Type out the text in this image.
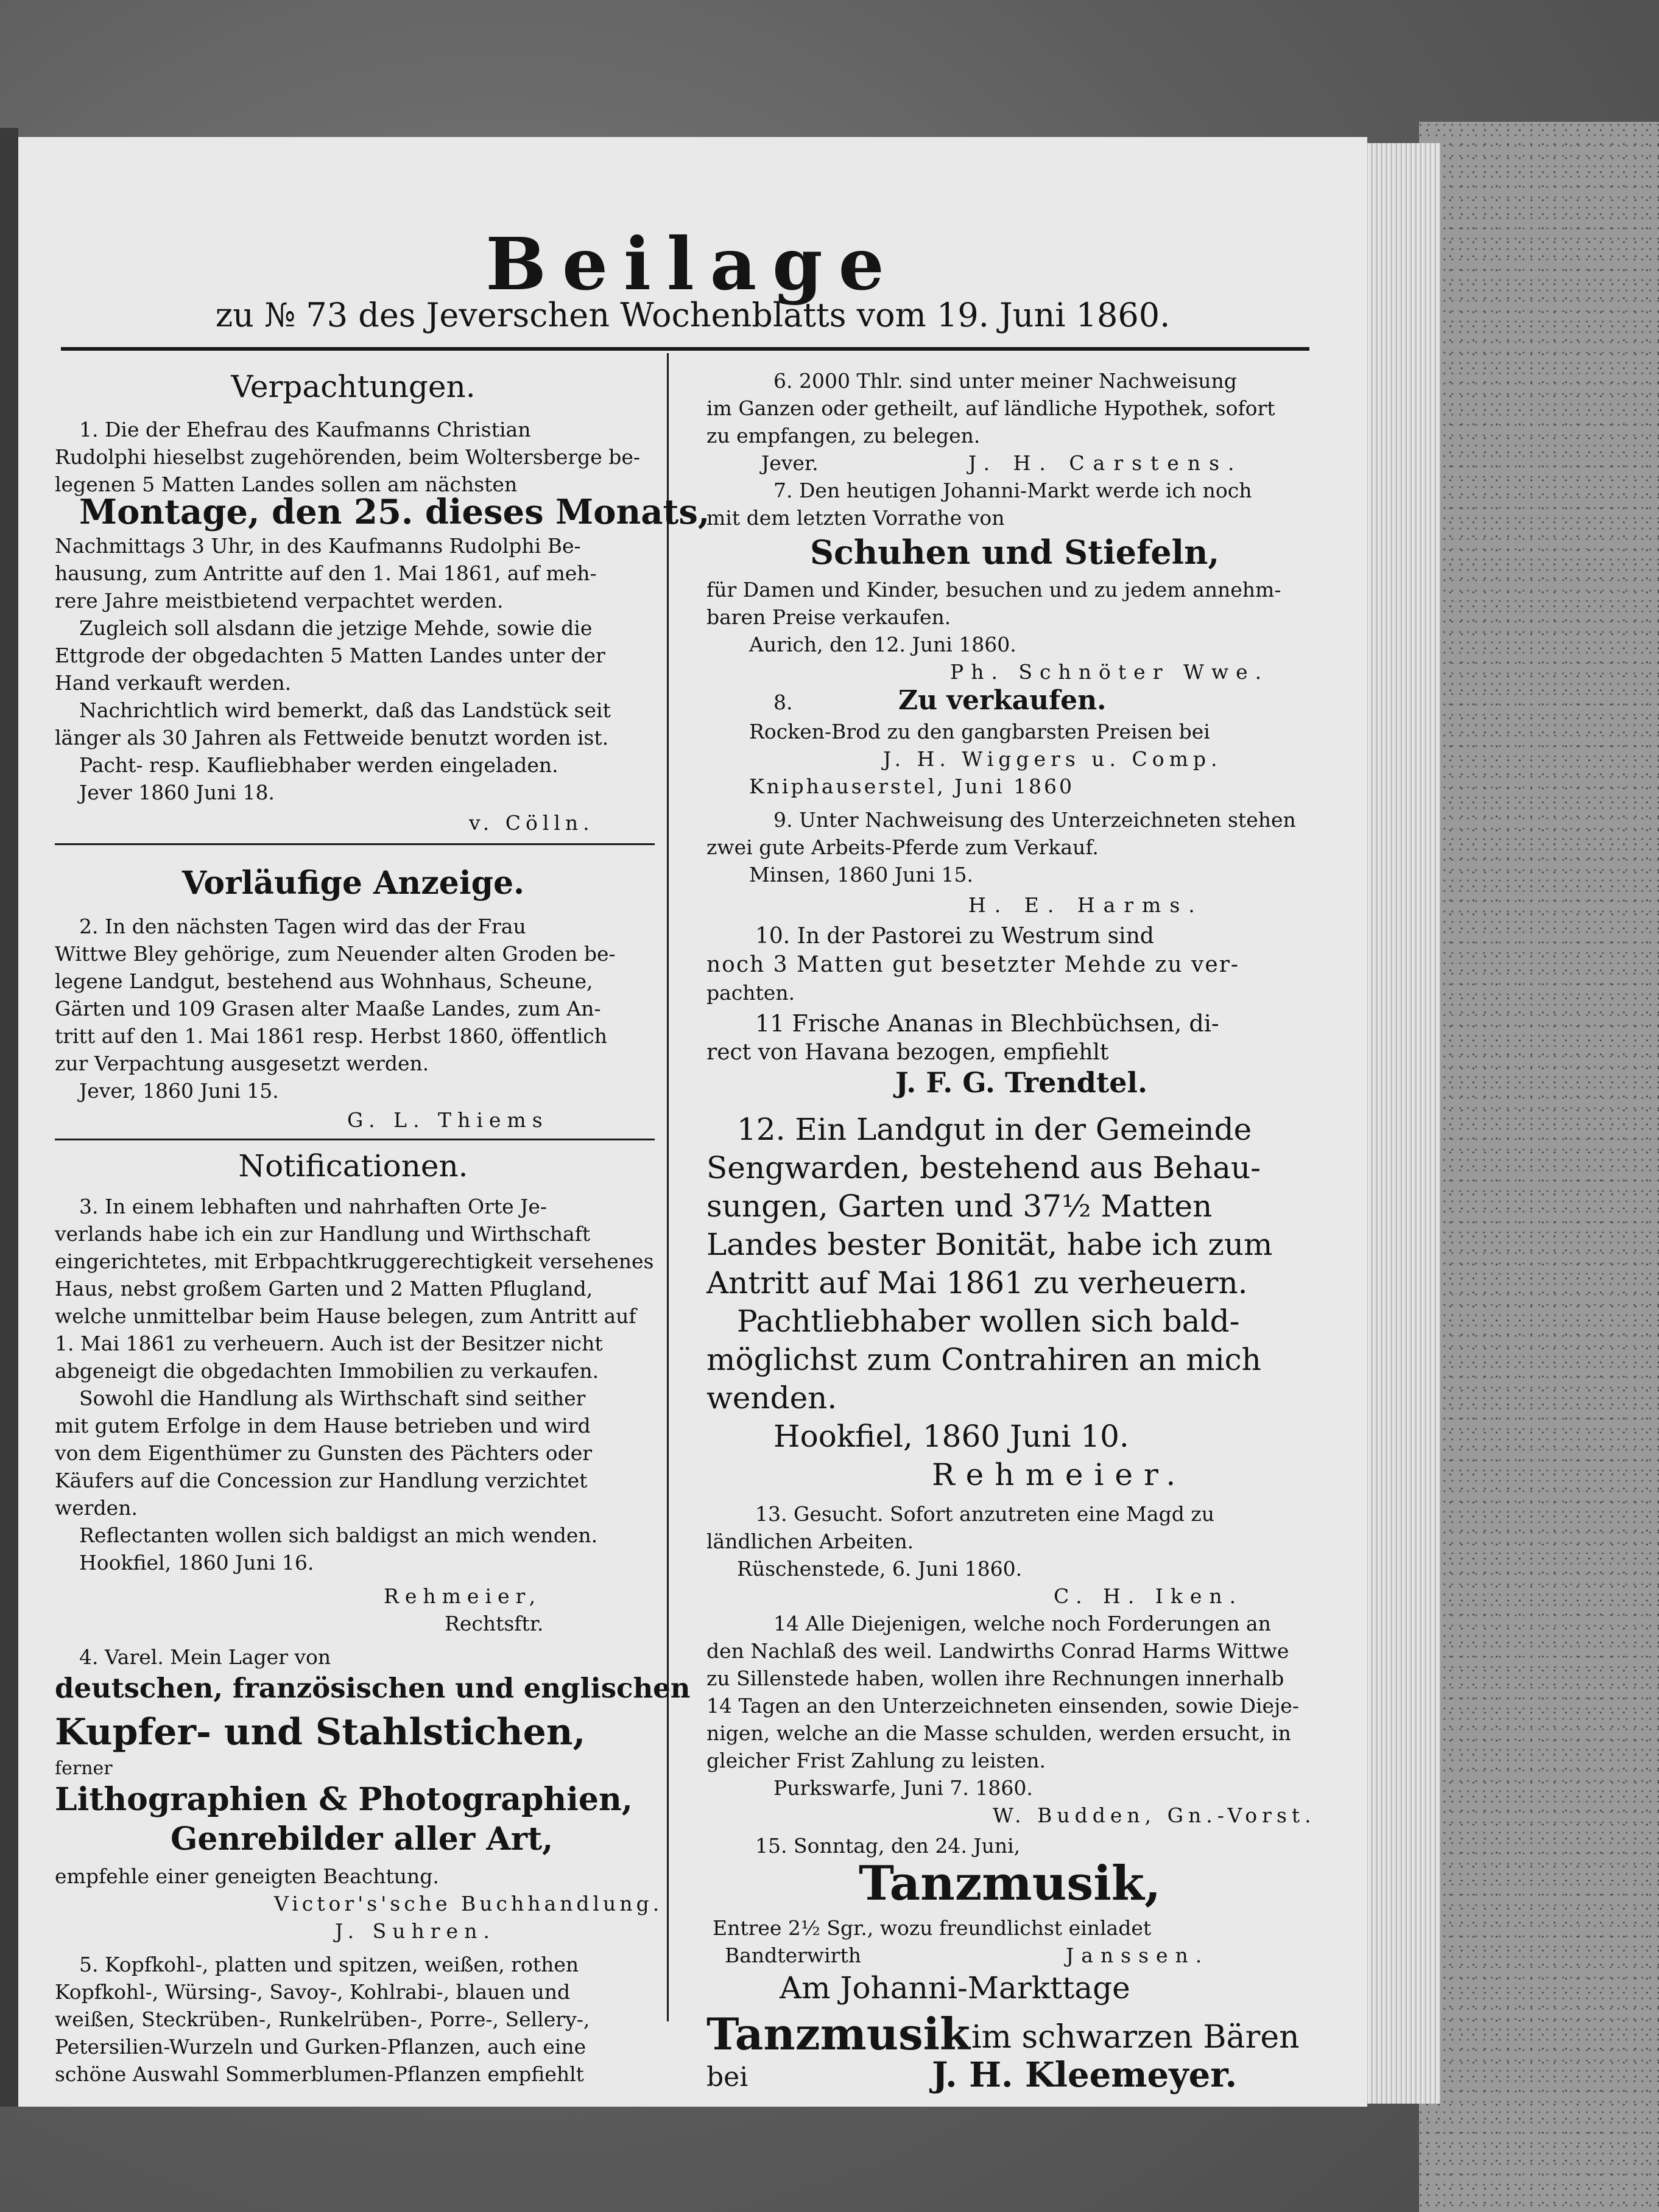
Beilage
zu № 73 des Jeverschen Wochenblatts vom 19. Juni 1860.
Verpachtungen.
1. Die der Ehefrau des Kaufmanns Christian
Rudolphi hieselbst zugehörenden, beim Woltersberge be-
legenen 5 Matten Landes sollen am nächsten
Montage, den 25. dieses Monats,
Nachmittags 3 Uhr, in des Kaufmanns Rudolphi Be-
hausung, zum Antritte auf den 1. Mai 1861, auf meh-
rere Jahre meistbietend verpachtet werden.
Zugleich soll alsdann die jetzige Mehde, sowie die
Ettgrode der obgedachten 5 Matten Landes unter der
Hand verkauft werden.
Nachrichtlich wird bemerkt, daß das Landstück seit
länger als 30 Jahren als Fettweide benutzt worden ist.
Pacht- resp. Kaufliebhaber werden eingeladen.
Jever 1860 Juni 18.
v. Cölln.
Vorläufige Anzeige.
2. In den nächsten Tagen wird das der Frau
Wittwe Bley gehörige, zum Neuender alten Groden be-
legene Landgut, bestehend aus Wohnhaus, Scheune,
Gärten und 109 Grasen alter Maaße Landes, zum An-
tritt auf den 1. Mai 1861 resp. Herbst 1860, öffentlich
zur Verpachtung ausgesetzt werden.
Jever, 1860 Juni 15.
G. L. Thiems
Notificationen.
3. In einem lebhaften und nahrhaften Orte Je-
verlands habe ich ein zur Handlung und Wirthschaft
eingerichtetes, mit Erbpachtkruggerechtigkeit versehenes
Haus, nebst großem Garten und 2 Matten Pflugland,
welche unmittelbar beim Hause belegen, zum Antritt auf
1. Mai 1861 zu verheuern. Auch ist der Besitzer nicht
abgeneigt die obgedachten Immobilien zu verkaufen.
Sowohl die Handlung als Wirthschaft sind seither
mit gutem Erfolge in dem Hause betrieben und wird
von dem Eigenthümer zu Gunsten des Pächters oder
Käufers auf die Concession zur Handlung verzichtet
werden.
Reflectanten wollen sich baldigst an mich wenden.
Hookfiel, 1860 Juni 16.
Rehmeier,
Rechtsftr.
4. Varel. Mein Lager von
deutschen, französischen und englischen
Kupfer- und Stahlstichen,
ferner
Lithographien & Photographien,
Genrebilder aller Art,
empfehle einer geneigten Beachtung.
Victor's'sche Buchhandlung.
J. Suhren.
5. Kopfkohl-, platten und spitzen, weißen, rothen
Kopfkohl-, Würsing-, Savoy-, Kohlrabi-, blauen und
weißen, Steckrüben-, Runkelrüben-, Porre-, Sellery-,
Petersilien-Wurzeln und Gurken-Pflanzen, auch eine
schöne Auswahl Sommerblumen-Pflanzen empfiehlt
6. 2000 Thlr. sind unter meiner Nachweisung
im Ganzen oder getheilt, auf ländliche Hypothek, sofort
zu empfangen, zu belegen.
Jever.	J. H. Carstens.
7. Den heutigen Johanni-Markt werde ich noch
mit dem letzten Vorrathe von
Schuhen und Stiefeln,
für Damen und Kinder, besuchen und zu jedem annehm-
baren Preise verkaufen.
Aurich, den 12. Juni 1860.
Ph. Schnöter Wwe.
8.	Zu verkaufen.
Rocken-Brod zu den gangbarsten Preisen bei
J. H. Wiggers u. Comp.
Kniphauserstel, Juni 1860
9. Unter Nachweisung des Unterzeichneten stehen
zwei gute Arbeits-Pferde zum Verkauf.
Minsen, 1860 Juni 15.
H. E. Harms.
10. In der Pastorei zu Westrum sind
noch 3 Matten gut besetzter Mehde zu ver-
pachten.
11 Frische Ananas in Blechbüchsen, di-
rect von Havana bezogen, empfiehlt
J. F. G. Trendtel.
12. Ein Landgut in der Gemeinde
Sengwarden, bestehend aus Behau-
sungen, Garten und 37½ Matten
Landes bester Bonität, habe ich zum
Antritt auf Mai 1861 zu verheuern.
Pachtliebhaber wollen sich bald-
möglichst zum Contrahiren an mich
wenden.
Hookfiel, 1860 Juni 10.
Rehmeier.
13. Gesucht. Sofort anzutreten eine Magd zu
ländlichen Arbeiten.
Rüschenstede, 6. Juni 1860.
C. H. Iken.
14 Alle Diejenigen, welche noch Forderungen an
den Nachlaß des weil. Landwirths Conrad Harms Wittwe
zu Sillenstede haben, wollen ihre Rechnungen innerhalb
14 Tagen an den Unterzeichneten einsenden, sowie Dieje-
nigen, welche an die Masse schulden, werden ersucht, in
gleicher Frist Zahlung zu leisten.
Purkswarfe, Juni 7. 1860.
W. Budden, Gn.-Vorst.
15. Sonntag, den 24. Juni,
Tanzmusik,
Entree 2½ Sgr., wozu freundlichst einladet
Bandterwirth	Janssen.
Am Johanni-Markttage
Tanzmusik im schwarzen Bären
bei	J. H. Kleemeyer.
